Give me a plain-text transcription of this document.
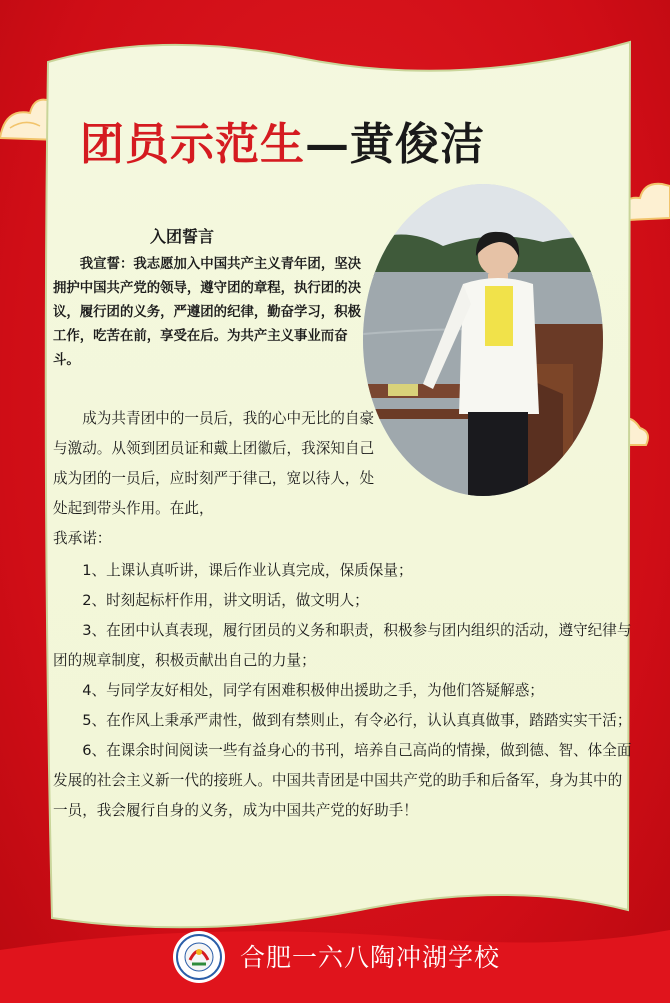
团员示范生—黄俊洁
入团誓言

我宣誓：我志愿加入中国共产主义青年团，坚决拥护中国共产党的领导，遵守团的章程，执行团的决议，履行团的义务，严遵团的纪律，勤奋学习，积极工作，吃苦在前，享受在后。为共产主义事业而奋斗。

成为共青团中的一员后，我的心中无比的自豪与激动。从领到团员证和戴上团徽后，我深知自己成为团的一员后，应时刻严于律己，宽以待人，处处起到带头作用。在此，

我承诺：

1、上课认真听讲，课后作业认真完成，保质保量；

2、时刻起标杆作用，讲文明话，做文明人；

3、在团中认真表现，履行团员的义务和职责，积极参与团内组织的活动，遵守纪律与团的规章制度，积极贡献出自己的力量；

4、与同学友好相处，同学有困难积极伸出援助之手，为他们答疑解惑；

5、在作风上秉承严肃性，做到有禁则止，有令必行，认认真真做事，踏踏实实干活；

6、在课余时间阅读一些有益身心的书刊，培养自己高尚的情操，做到德、智、体全面发展的社会主义新一代的接班人。中国共青团是中国共产党的助手和后备军，身为其中的一员，我会履行自身的义务，成为中国共产党的好助手！

合肥一六八陶冲湖学校
